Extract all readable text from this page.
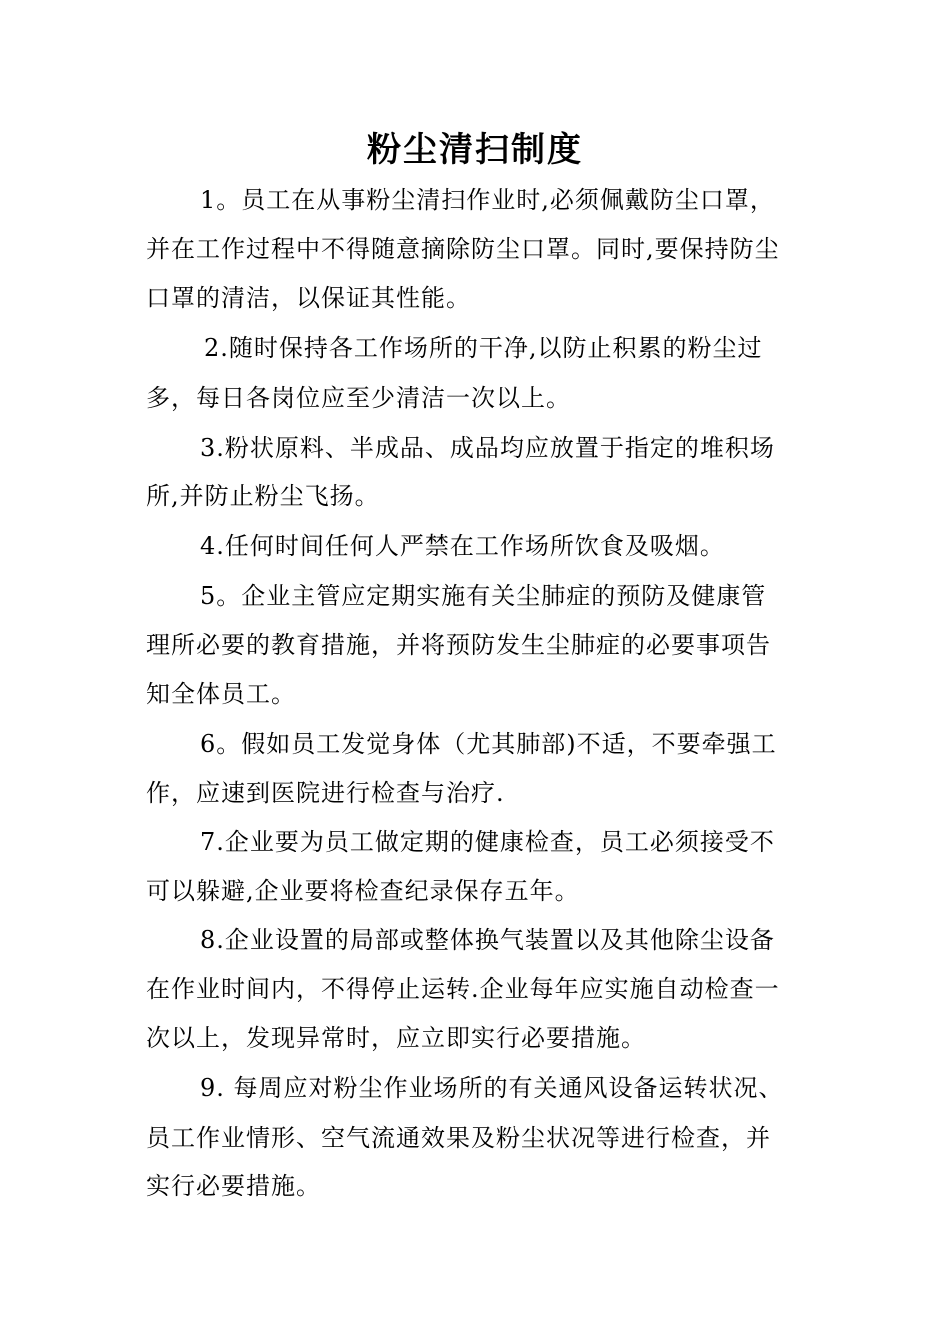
粉尘清扫制度
1。员工在从事粉尘清扫作业时,必须佩戴防尘口罩，
并在工作过程中不得随意摘除防尘口罩。同时,要保持防尘
口罩的清洁，以保证其性能。
2.随时保持各工作场所的干净,以防止积累的粉尘过
多，每日各岗位应至少清洁一次以上。
3.粉状原料、半成品、成品均应放置于指定的堆积场
所,并防止粉尘飞扬。
4.任何时间任何人严禁在工作场所饮食及吸烟。
5。企业主管应定期实施有关尘肺症的预防及健康管
理所必要的教育措施，并将预防发生尘肺症的必要事项告
知全体员工。
6。假如员工发觉身体（尤其肺部)不适，不要牵强工
作，应速到医院进行检查与治疗.
7.企业要为员工做定期的健康检查，员工必须接受不
可以躲避,企业要将检查纪录保存五年。
8.企业设置的局部或整体换气装置以及其他除尘设备
在作业时间内，不得停止运转.企业每年应实施自动检查一
次以上，发现异常时，应立即实行必要措施。
9. 每周应对粉尘作业场所的有关通风设备运转状况、
员工作业情形、空气流通效果及粉尘状况等进行检查，并
实行必要措施。
